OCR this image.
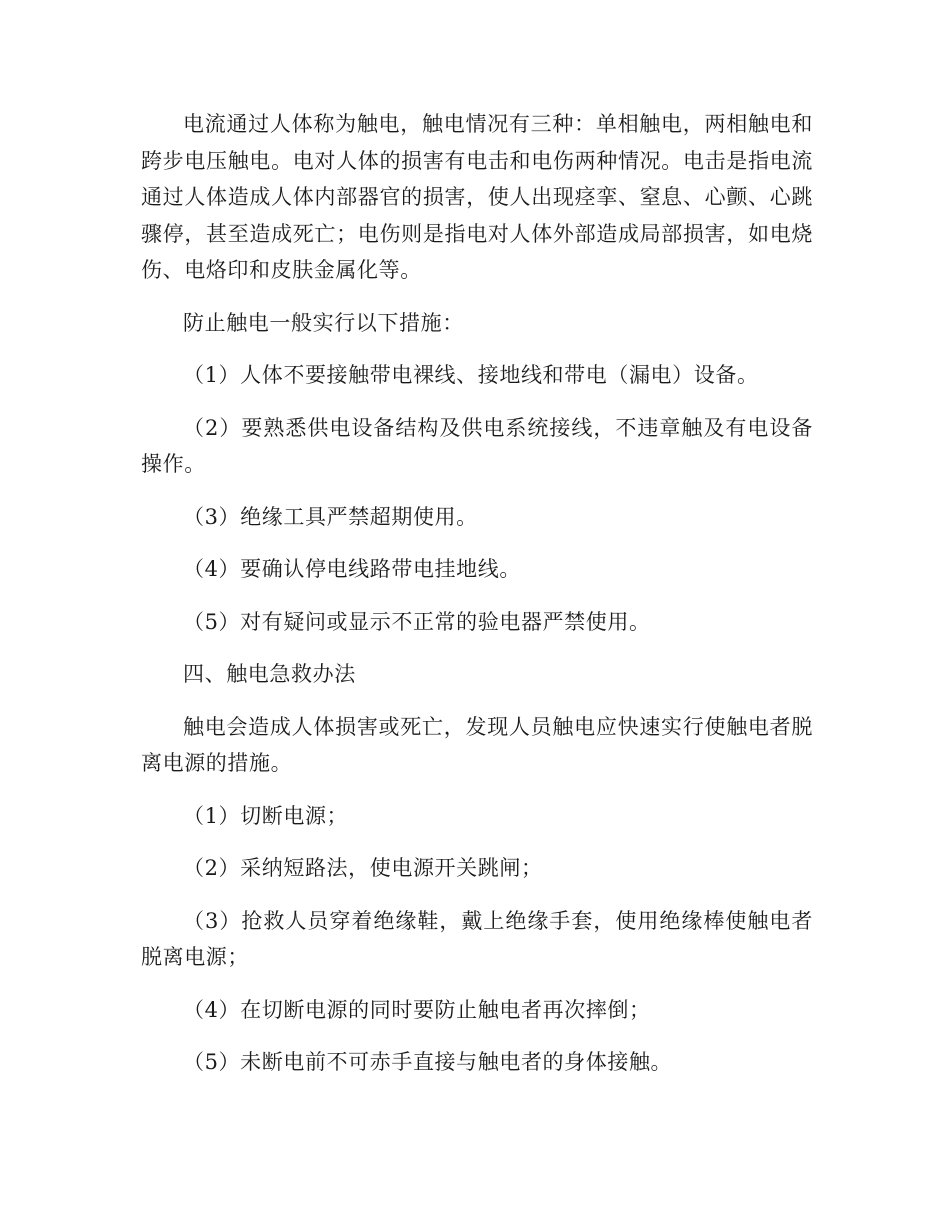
电流通过人体称为触电，触电情况有三种：单相触电，两相触电和跨步电压触电。电对人体的损害有电击和电伤两种情况。电击是指电流通过人体造成人体内部器官的损害，使人出现痉挛、窒息、心颤、心跳骤停，甚至造成死亡；电伤则是指电对人体外部造成局部损害，如电烧伤、电烙印和皮肤金属化等。

防止触电一般实行以下措施：

（1）人体不要接触带电裸线、接地线和带电（漏电）设备。

（2）要熟悉供电设备结构及供电系统接线，不违章触及有电设备操作。

（3）绝缘工具严禁超期使用。

（4）要确认停电线路带电挂地线。

（5）对有疑问或显示不正常的验电器严禁使用。

四、触电急救办法

触电会造成人体损害或死亡，发现人员触电应快速实行使触电者脱离电源的措施。

（1）切断电源；

（2）采纳短路法，使电源开关跳闸；

（3）抢救人员穿着绝缘鞋，戴上绝缘手套，使用绝缘棒使触电者脱离电源；

（4）在切断电源的同时要防止触电者再次摔倒；

（5）未断电前不可赤手直接与触电者的身体接触。
